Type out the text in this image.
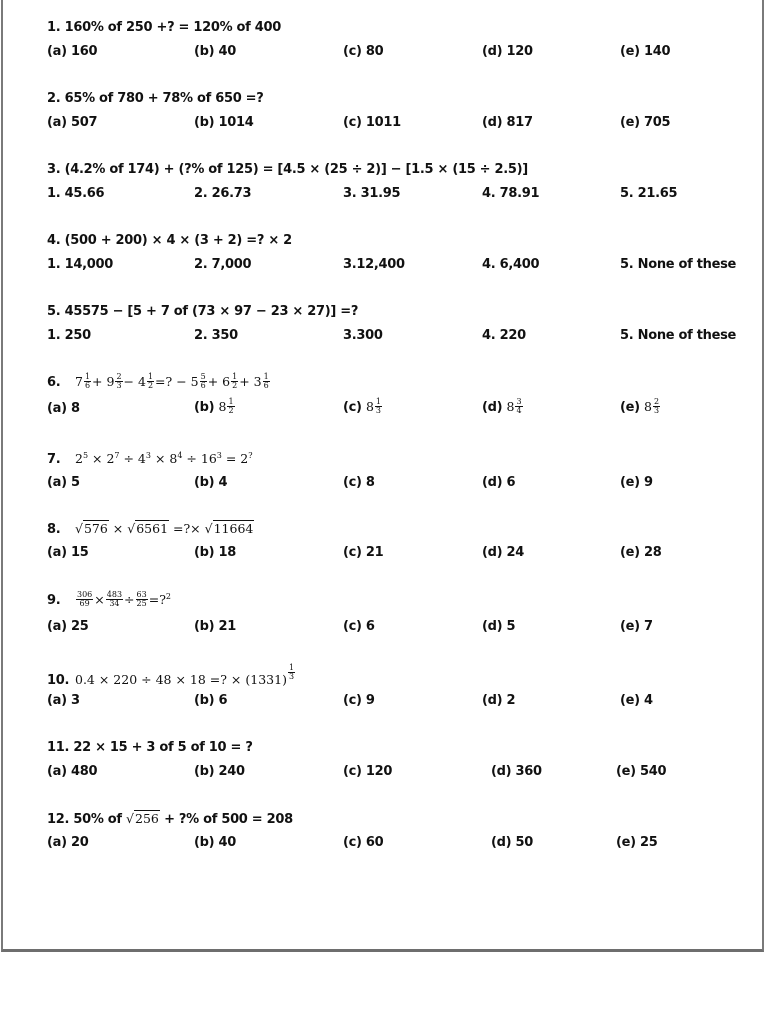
1. 160% of 250 +? = 120% of 400
(a) 160	(b) 40	(c) 80	(d) 120	(e) 140
2. 65% of 780 + 78% of 650 =?
(a) 507	(b) 1014	(c) 1011	(d) 817	(e) 705
3. (4.2% of 174) + (?% of 125) = [4.5 × (25 ÷ 2)] − [1.5 × (15 ÷ 2.5)]
1. 45.66	2. 26.73	3. 31.95	4. 78.91	5. 21.65
4. (500 + 200) × 4 × (3 + 2) =? × 2
1. 14,000	2. 7,000	3.12,400	4. 6,400	5. None of these
5. 45575 − [5 + 7 of (73 × 97 − 23 × 27)] =?
1. 250	2. 350	3.300	4. 220	5. None of these
6. $7 \frac{1}{6} + 9 \frac{2}{3} - 4 \frac{1}{2}$ =? − $5 \frac{5}{6} + 6 \frac{1}{2} + 3 \frac{1}{6}$
(a) 8	(b) $8 \frac{1}{2}$	(c) $8 \frac{1}{3}$	(d) $8 \frac{3}{4}$	(e) $8 \frac{2}{3}$
7. $2^5 \times 2^7 \div 4^3 \times 8^4 \div 16^3 = 2^?$
(a) 5	(b) 4	(c) 8	(d) 6	(e) 9
8. √576 × √6561 =?× √11664
(a) 15	(b) 18	(c) 21	(d) 24	(e) 28
9. $\frac{306}{69} \times \frac{483}{34} \div \frac{63}{25}$ =?$^2$
(a) 25	(b) 21	(c) 6	(d) 5	(e) 7
10. 0.4 × 220 ÷ 48 × 18 =? × (1331) $^{\frac{1}{3}}$
(a) 3	(b) 6	(c) 9	(d) 2	(e) 4
11. 22 × 15 + 3 of 5 of 10 = ?
(a) 480	(b) 240	(c) 120	(d) 360	(e) 540
12. 50% of √256 + ?% of 500 = 208
(a) 20	(b) 40	(c) 60	(d) 50	(e) 25
